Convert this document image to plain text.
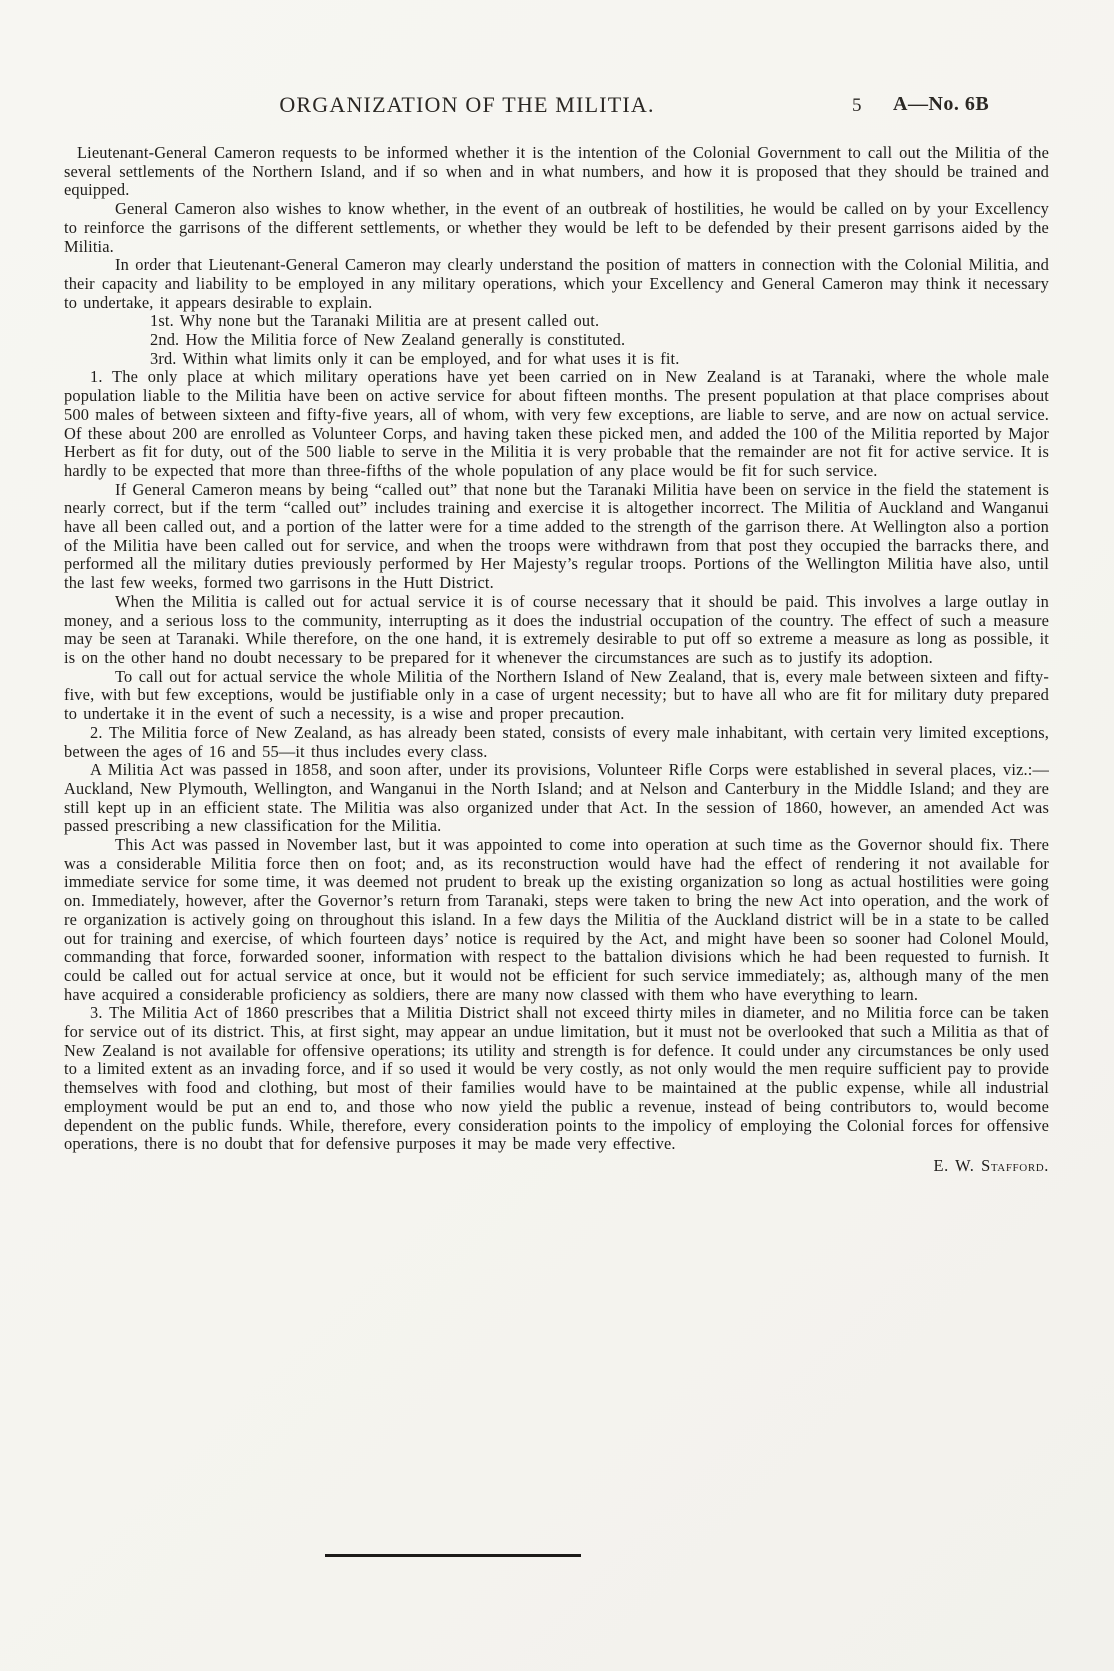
ORGANIZATION OF THE MILITIA.	5 A—No. 6B

Lieutenant-General Cameron requests to be informed whether it is the intention of the Colonial Government to call out the Militia of the several settlements of the Northern Island, and if so when and in what numbers, and how it is proposed that they should be trained and equipped.

General Cameron also wishes to know whether, in the event of an outbreak of hostilities, he would be called on by your Excellency to reinforce the garrisons of the different settlements, or whether they would be left to be defended by their present garrisons aided by the Militia.

In order that Lieutenant-General Cameron may clearly understand the position of matters in connection with the Colonial Militia, and their capacity and liability to be employed in any military operations, which your Excellency and General Cameron may think it necessary to undertake, it appears desirable to explain.

1st. Why none but the Taranaki Militia are at present called out.

2nd. How the Militia force of New Zealand generally is constituted.

3rd. Within what limits only it can be employed, and for what uses it is fit.

1. The only place at which military operations have yet been carried on in New Zealand is at Taranaki, where the whole male population liable to the Militia have been on active service for about fifteen months. The present population at that place comprises about 500 males of between sixteen and fifty-five years, all of whom, with very few exceptions, are liable to serve, and are now on actual service. Of these about 200 are enrolled as Volunteer Corps, and having taken these picked men, and added the 100 of the Militia reported by Major Herbert as fit for duty, out of the 500 liable to serve in the Militia it is very probable that the remainder are not fit for active service. It is hardly to be expected that more than three-fifths of the whole population of any place would be fit for such service.

If General Cameron means by being “called out” that none but the Taranaki Militia have been on service in the field the statement is nearly correct, but if the term “called out” includes training and exercise it is altogether incorrect. The Militia of Auckland and Wanganui have all been called out, and a portion of the latter were for a time added to the strength of the garrison there. At Wellington also a portion of the Militia have been called out for service, and when the troops were withdrawn from that post they occupied the barracks there, and performed all the military duties previously performed by Her Majesty’s regular troops. Portions of the Wellington Militia have also, until the last few weeks, formed two garrisons in the Hutt District.

When the Militia is called out for actual service it is of course necessary that it should be paid. This involves a large outlay in money, and a serious loss to the community, interrupting as it does the industrial occupation of the country. The effect of such a measure may be seen at Taranaki. While therefore, on the one hand, it is extremely desirable to put off so extreme a measure as long as possible, it is on the other hand no doubt necessary to be prepared for it whenever the circumstances are such as to justify its adoption.

To call out for actual service the whole Militia of the Northern Island of New Zealand, that is, every male between sixteen and fifty-five, with but few exceptions, would be justifiable only in a case of urgent necessity; but to have all who are fit for military duty prepared to undertake it in the event of such a necessity, is a wise and proper precaution.

2. The Militia force of New Zealand, as has already been stated, consists of every male inhabitant, with certain very limited exceptions, between the ages of 16 and 55—it thus includes every class.

A Militia Act was passed in 1858, and soon after, under its provisions, Volunteer Rifle Corps were established in several places, viz.:—Auckland, New Plymouth, Wellington, and Wanganui in the North Island; and at Nelson and Canterbury in the Middle Island; and they are still kept up in an efficient state. The Militia was also organized under that Act. In the session of 1860, however, an amended Act was passed prescribing a new classification for the Militia.

This Act was passed in November last, but it was appointed to come into operation at such time as the Governor should fix. There was a considerable Militia force then on foot; and, as its reconstruction would have had the effect of rendering it not available for immediate service for some time, it was deemed not prudent to break up the existing organization so long as actual hostilities were going on. Immediately, however, after the Governor’s return from Taranaki, steps were taken to bring the new Act into operation, and the work of re organization is actively going on throughout this island. In a few days the Militia of the Auckland district will be in a state to be called out for training and exercise, of which fourteen days’ notice is required by the Act, and might have been so sooner had Colonel Mould, commanding that force, forwarded sooner, information with respect to the battalion divisions which he had been requested to furnish. It could be called out for actual service at once, but it would not be efficient for such service immediately; as, although many of the men have acquired a considerable proficiency as soldiers, there are many now classed with them who have everything to learn.

3. The Militia Act of 1860 prescribes that a Militia District shall not exceed thirty miles in diameter, and no Militia force can be taken for service out of its district. This, at first sight, may appear an undue limitation, but it must not be overlooked that such a Militia as that of New Zealand is not available for offensive operations; its utility and strength is for defence. It could under any circumstances be only used to a limited extent as an invading force, and if so used it would be very costly, as not only would the men require sufficient pay to provide themselves with food and clothing, but most of their families would have to be maintained at the public expense, while all industrial employment would be put an end to, and those who now yield the public a revenue, instead of being contributors to, would become dependent on the public funds. While, therefore, every consideration points to the impolicy of employing the Colonial forces for offensive operations, there is no doubt that for defensive purposes it may be made very effective.

E. W. Stafford.
